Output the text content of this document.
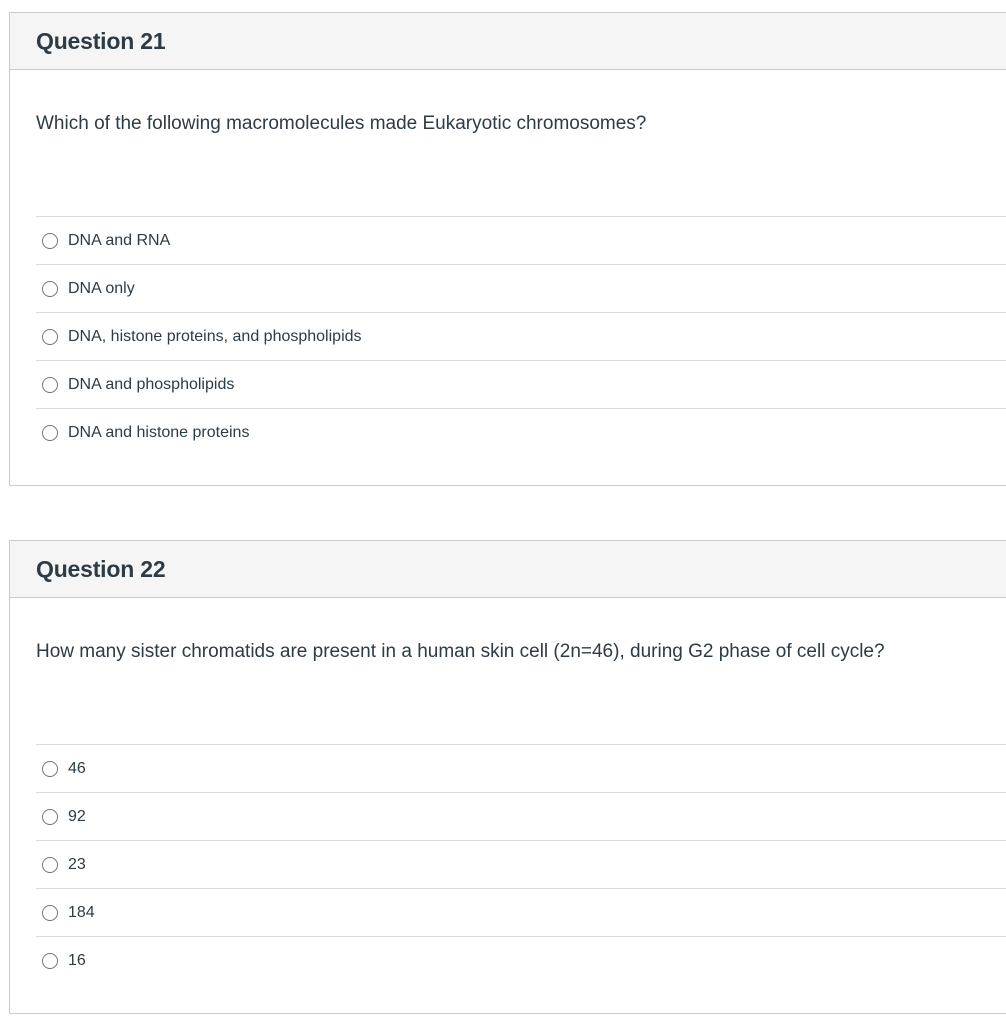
Question 21
Which of the following macromolecules made Eukaryotic chromosomes?
DNA and RNA
DNA only
DNA, histone proteins, and phospholipids
DNA and phospholipids
DNA and histone proteins
Question 22
How many sister chromatids are present in a human skin cell (2n=46), during G2 phase of cell cycle?
46
92
23
184
16
